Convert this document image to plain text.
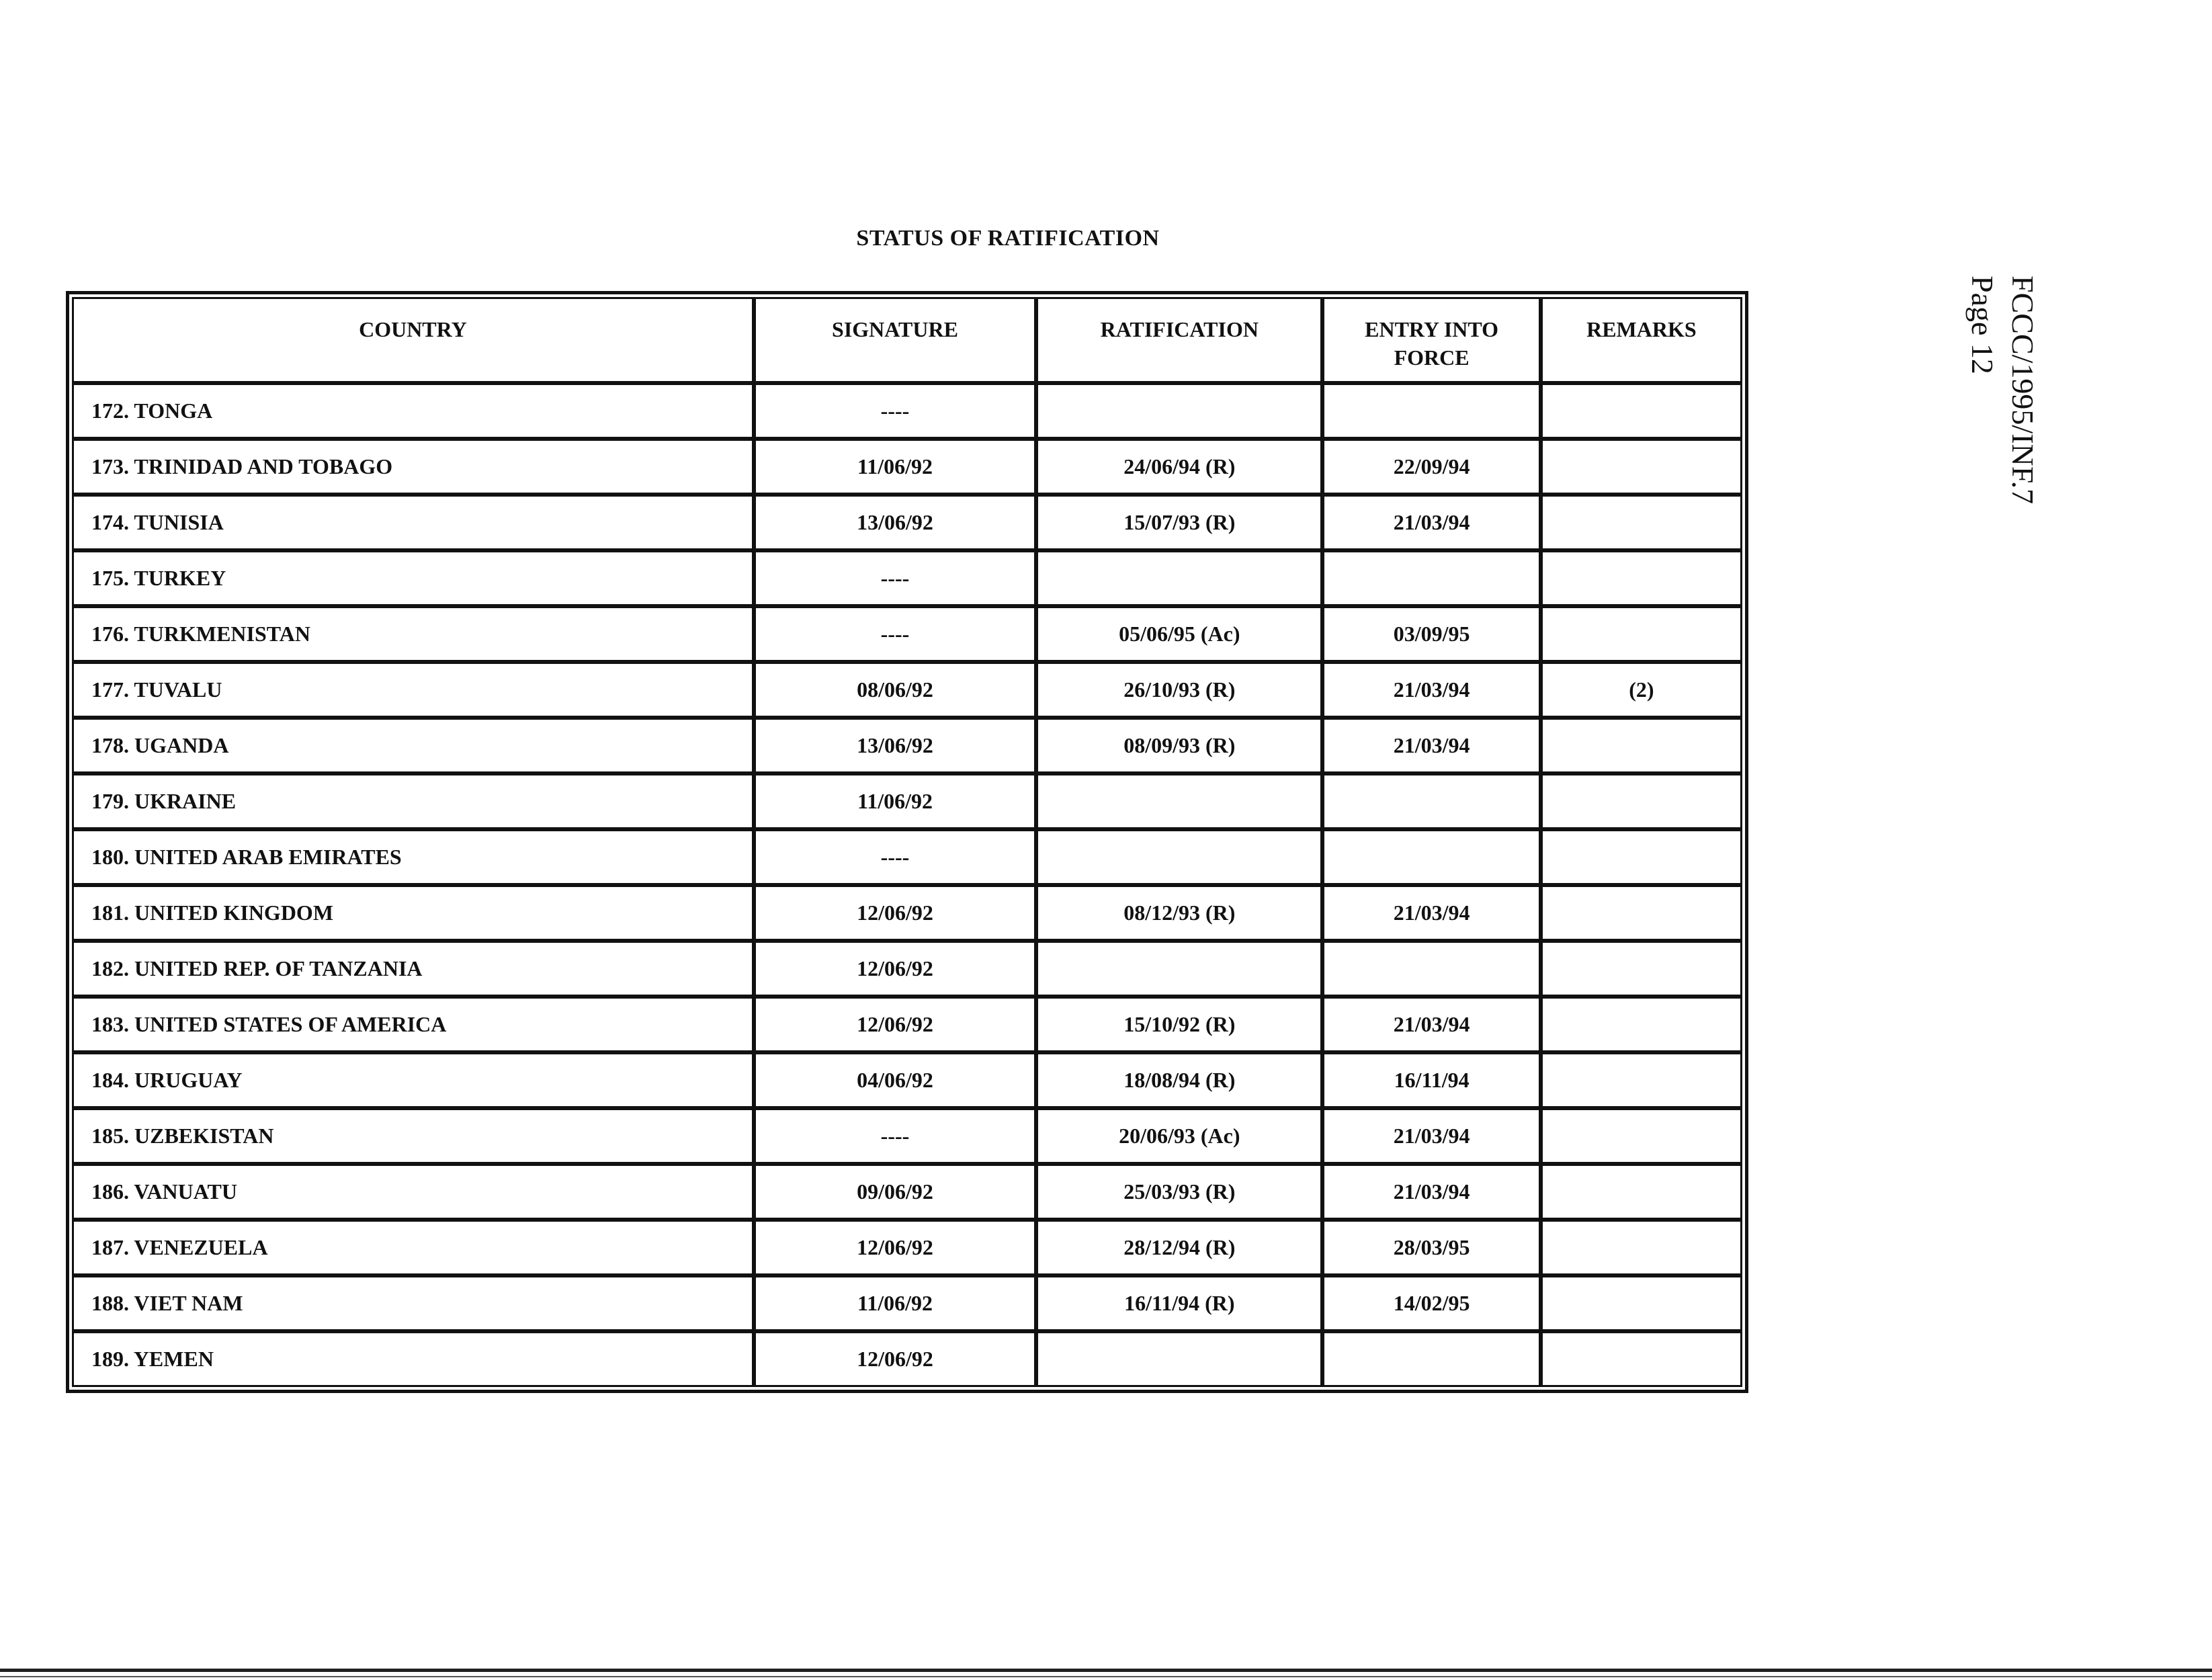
STATUS OF RATIFICATION
FCCC/1995/INF.7
Page 12
COUNTRY	SIGNATURE	RATIFICATION	ENTRY INTO FORCE	REMARKS
172. TONGA	----			
173. TRINIDAD AND TOBAGO	11/06/92	24/06/94 (R)	22/09/94	
174. TUNISIA	13/06/92	15/07/93 (R)	21/03/94	
175. TURKEY	----			
176. TURKMENISTAN	----	05/06/95 (Ac)	03/09/95	
177. TUVALU	08/06/92	26/10/93 (R)	21/03/94	(2)
178. UGANDA	13/06/92	08/09/93 (R)	21/03/94	
179. UKRAINE	11/06/92			
180. UNITED ARAB EMIRATES	----			
181. UNITED KINGDOM	12/06/92	08/12/93 (R)	21/03/94	
182. UNITED REP. OF TANZANIA	12/06/92			
183. UNITED STATES OF AMERICA	12/06/92	15/10/92 (R)	21/03/94	
184. URUGUAY	04/06/92	18/08/94 (R)	16/11/94	
185. UZBEKISTAN	----	20/06/93 (Ac)	21/03/94	
186. VANUATU	09/06/92	25/03/93 (R)	21/03/94	
187. VENEZUELA	12/06/92	28/12/94 (R)	28/03/95	
188. VIET NAM	11/06/92	16/11/94 (R)	14/02/95	
189. YEMEN	12/06/92			
